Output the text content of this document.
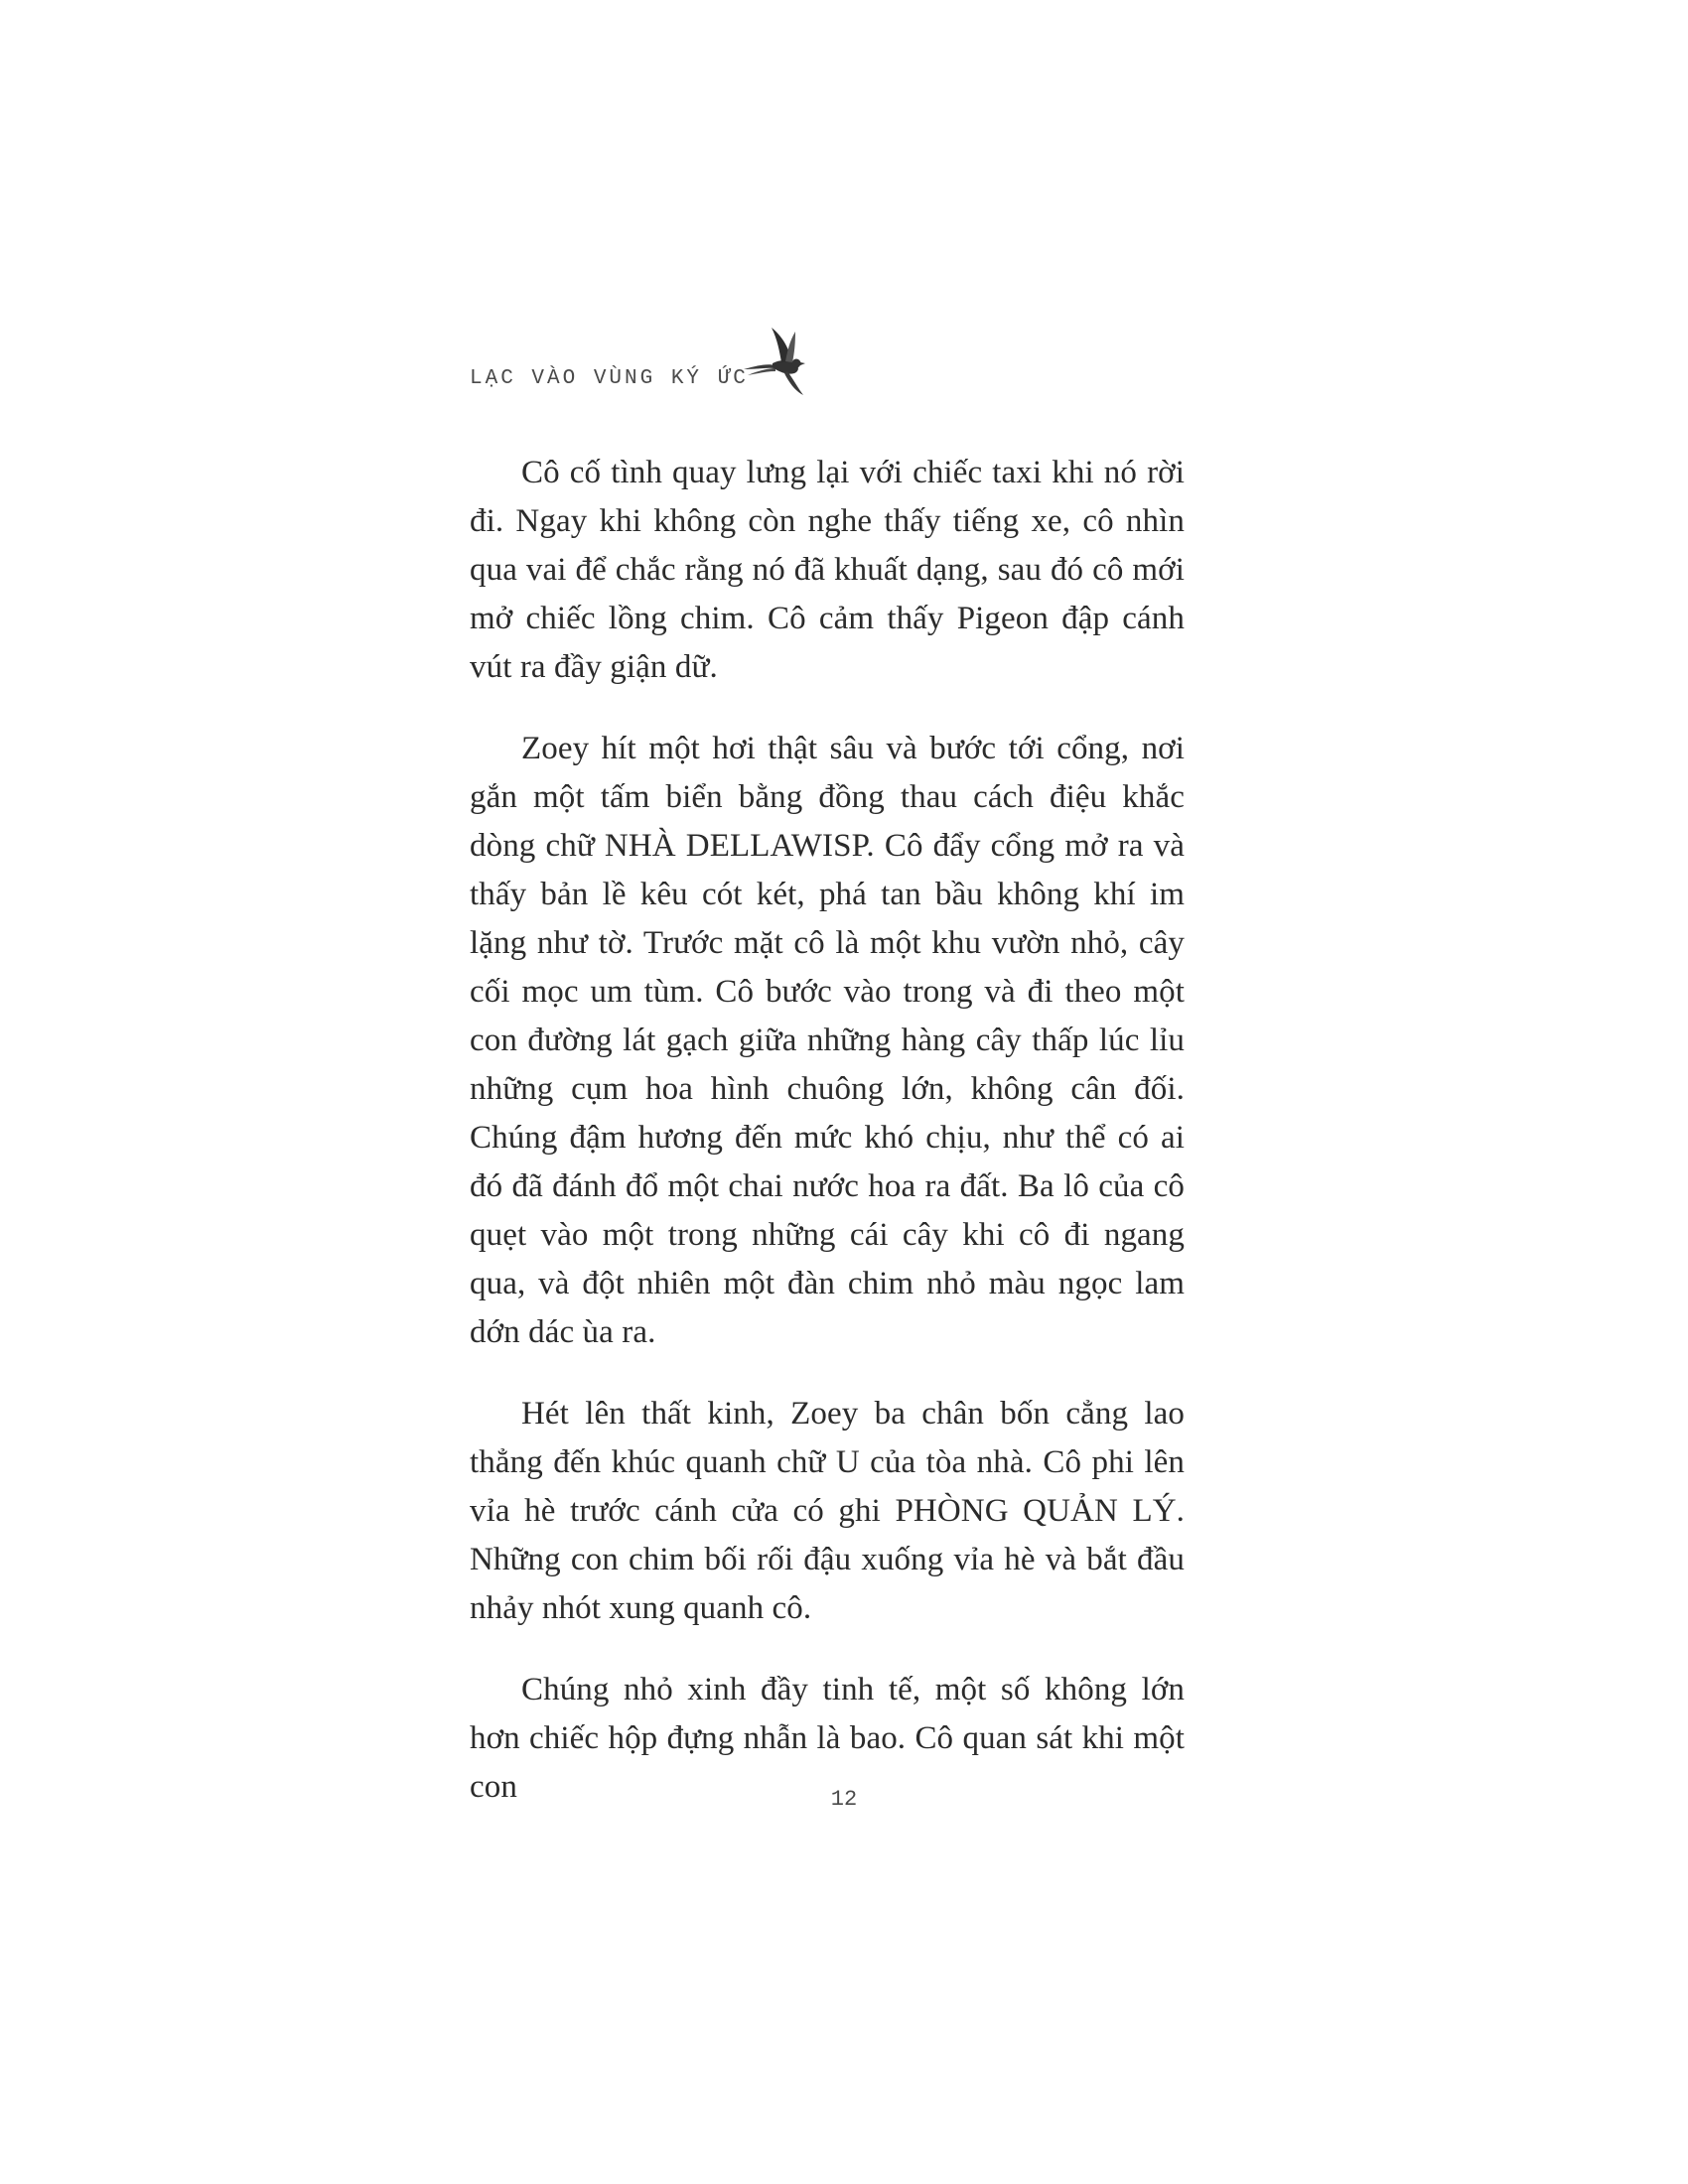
LẠC VÀO VÙNG KÝ ỨC

Cô cố tình quay lưng lại với chiếc taxi khi nó rời đi. Ngay khi không còn nghe thấy tiếng xe, cô nhìn qua vai để chắc rằng nó đã khuất dạng, sau đó cô mới mở chiếc lồng chim. Cô cảm thấy Pigeon đập cánh vút ra đầy giận dữ.

Zoey hít một hơi thật sâu và bước tới cổng, nơi gắn một tấm biển bằng đồng thau cách điệu khắc dòng chữ NHÀ DELLAWISP. Cô đẩy cổng mở ra và thấy bản lề kêu cót két, phá tan bầu không khí im lặng như tờ. Trước mặt cô là một khu vườn nhỏ, cây cối mọc um tùm. Cô bước vào trong và đi theo một con đường lát gạch giữa những hàng cây thấp lúc lỉu những cụm hoa hình chuông lớn, không cân đối. Chúng đậm hương đến mức khó chịu, như thể có ai đó đã đánh đổ một chai nước hoa ra đất. Ba lô của cô quẹt vào một trong những cái cây khi cô đi ngang qua, và đột nhiên một đàn chim nhỏ màu ngọc lam dớn dác ùa ra.

Hét lên thất kinh, Zoey ba chân bốn cẳng lao thẳng đến khúc quanh chữ U của tòa nhà. Cô phi lên vỉa hè trước cánh cửa có ghi PHÒNG QUẢN LÝ. Những con chim bối rối đậu xuống vỉa hè và bắt đầu nhảy nhót xung quanh cô.

Chúng nhỏ xinh đầy tinh tế, một số không lớn hơn chiếc hộp đựng nhẫn là bao. Cô quan sát khi một con	12
